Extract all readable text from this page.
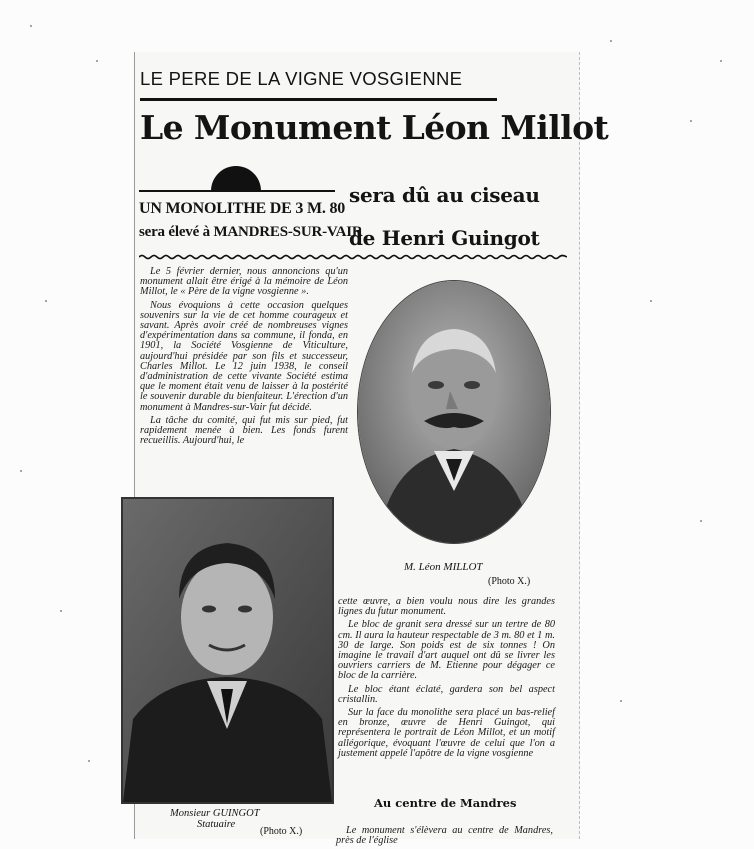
LE PERE DE LA VIGNE VOSGIENNE
Le Monument Léon Millot
UN MONOLITHE DE 3 M. 80
sera élevé à MANDRES-SUR-VAIR
sera dû au ciseau
de Henri Guingot

Le 5 février dernier, nous annoncions qu'un monument allait être érigé à la mémoire de Léon Millot, le « Père de la vigne vosgienne ».

Nous évoquions à cette occasion quelques souvenirs sur la vie de cet homme courageux et savant. Après avoir créé de nombreuses vignes d'expérimentation dans sa commune, il fonda, en 1901, la Société Vosgienne de Viticulture, aujourd'hui présidée par son fils et successeur, Charles Millot. Le 12 juin 1938, le conseil d'administration de cette vivante Société estima que le moment était venu de laisser à la postérité le souvenir durable du bienfaiteur. L'érection d'un monument à Mandres-sur-Vair fut décidé.

La tâche du comité, qui fut mis sur pied, fut rapidement menée à bien. Les fonds furent recueillis. Aujourd'hui, le

M. Léon MILLOT
(Photo X.)
Monsieur GUINGOT
Statuaire
(Photo X.)

cette œuvre, a bien voulu nous dire les grandes lignes du futur monument.

Le bloc de granit sera dressé sur un tertre de 80 cm. Il aura la hauteur respectable de 3 m. 80 et 1 m. 30 de large. Son poids est de six tonnes ! On imagine le travail d'art auquel ont dû se livrer les ouvriers carriers de M. Etienne pour dégager ce bloc de la carrière.

Le bloc étant éclaté, gardera son bel aspect cristallin.

Sur la face du monolithe sera placé un bas-relief en bronze, œuvre de Henri Guingot, qui représentera le portrait de Léon Millot, et un motif allégorique, évoquant l'œuvre de celui que l'on a justement appelé l'apôtre de la vigne vosgienne

Au centre de Mandres

Le monument s'élèvera au centre de Mandres, près de l'église
